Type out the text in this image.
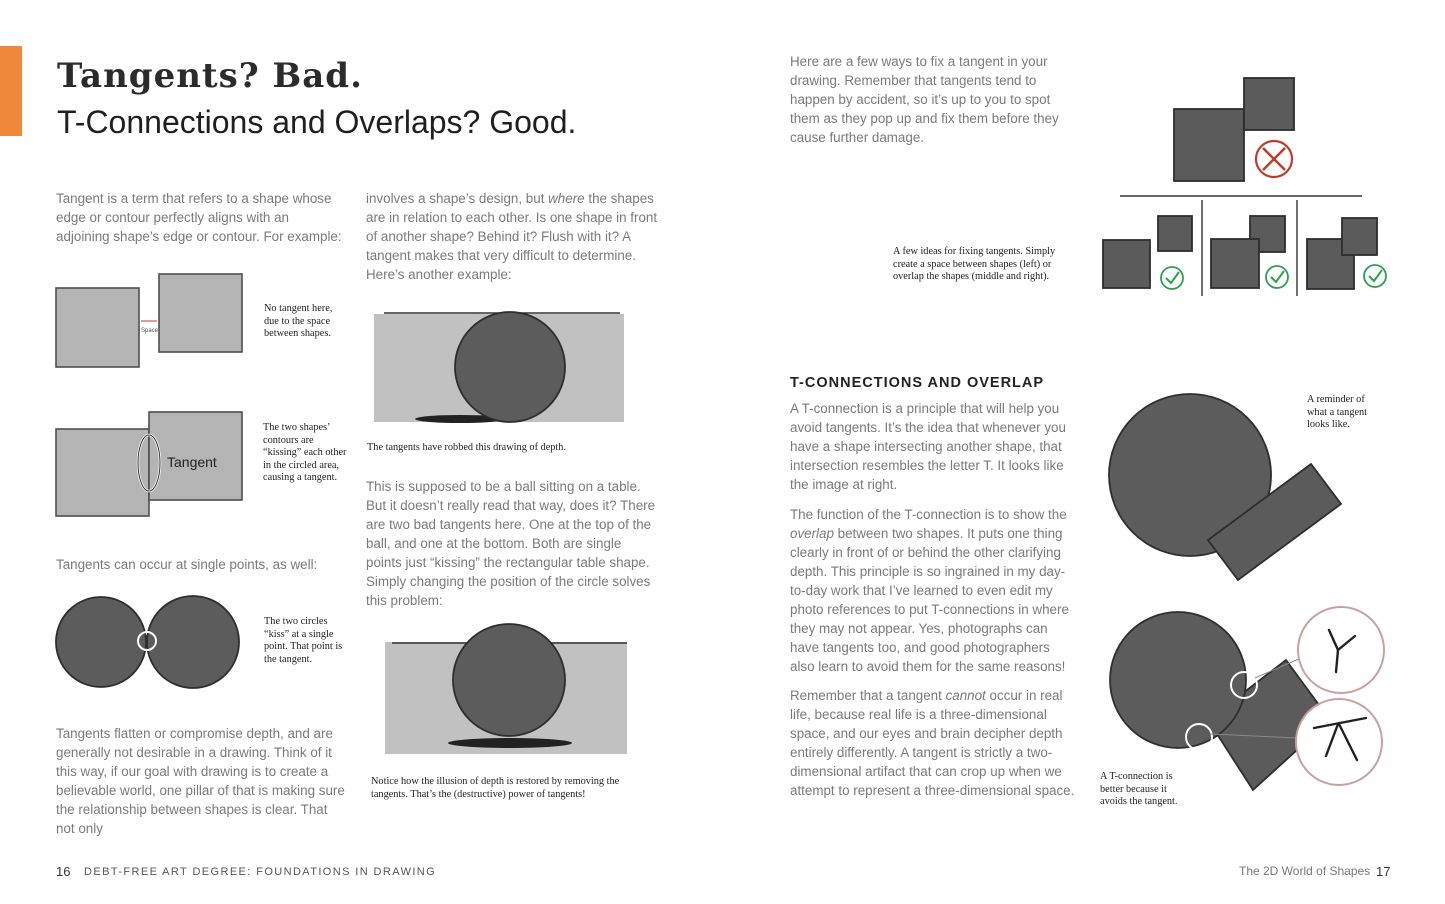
Tangents? Bad.
T-Connections and Overlaps? Good.

Tangent is a term that refers to a shape whose edge or contour perfectly aligns with an adjoining shape’s edge or contour. For example:

Space

No tangent here, due to the space between shapes.

Tangent

The two shapes’ contours are “kissing” each other in the circled area, causing a tangent.

Tangents can occur at single points, as well:

The two circles “kiss” at a single point. That point is the tangent.

Tangents flatten or compromise depth, and are generally not desirable in a drawing. Think of it this way, if our goal with drawing is to create a believable world, one pillar of that is making sure the relationship between shapes is clear. That not only

involves a shape’s design, but where the shapes are in relation to each other. Is one shape in front of another shape? Behind it? Flush with it? A tangent makes that very difficult to determine. Here’s another example:

The tangents have robbed this drawing of depth.

This is supposed to be a ball sitting on a table. But it doesn’t really read that way, does it? There are two bad tangents here. One at the top of the ball, and one at the bottom. Both are single points just “kissing” the rectangular table shape. Simply changing the position of the circle solves this problem:

Notice how the illusion of depth is restored by removing the tangents. That’s the (destructive) power of tangents!

16 DEBT-FREE ART DEGREE: FOUNDATIONS IN DRAWING

Here are a few ways to fix a tangent in your drawing. Remember that tangents tend to happen by accident, so it’s up to you to spot them as they pop up and fix them before they cause further damage.

A few ideas for fixing tangents. Simply create a space between shapes (left) or overlap the shapes (middle and right).

T-CONNECTIONS AND OVERLAP

A T-connection is a principle that will help you avoid tangents. It’s the idea that whenever you have a shape intersecting another shape, that intersection resembles the letter T. It looks like the image at right.

The function of the T-connection is to show the overlap between two shapes. It puts one thing clearly in front of or behind the other clarifying depth. This principle is so ingrained in my day-to-day work that I’ve learned to even edit my photo references to put T-connections in where they may not appear. Yes, photographs can have tangents too, and good photographers also learn to avoid them for the same reasons!

Remember that a tangent cannot occur in real life, because real life is a three-dimensional space, and our eyes and brain decipher depth entirely differently. A tangent is strictly a two-dimensional artifact that can crop up when we attempt to represent a three-dimensional space.

A reminder of what a tangent looks like.

A T-connection is better because it avoids the tangent.

The 2D World of Shapes 17
